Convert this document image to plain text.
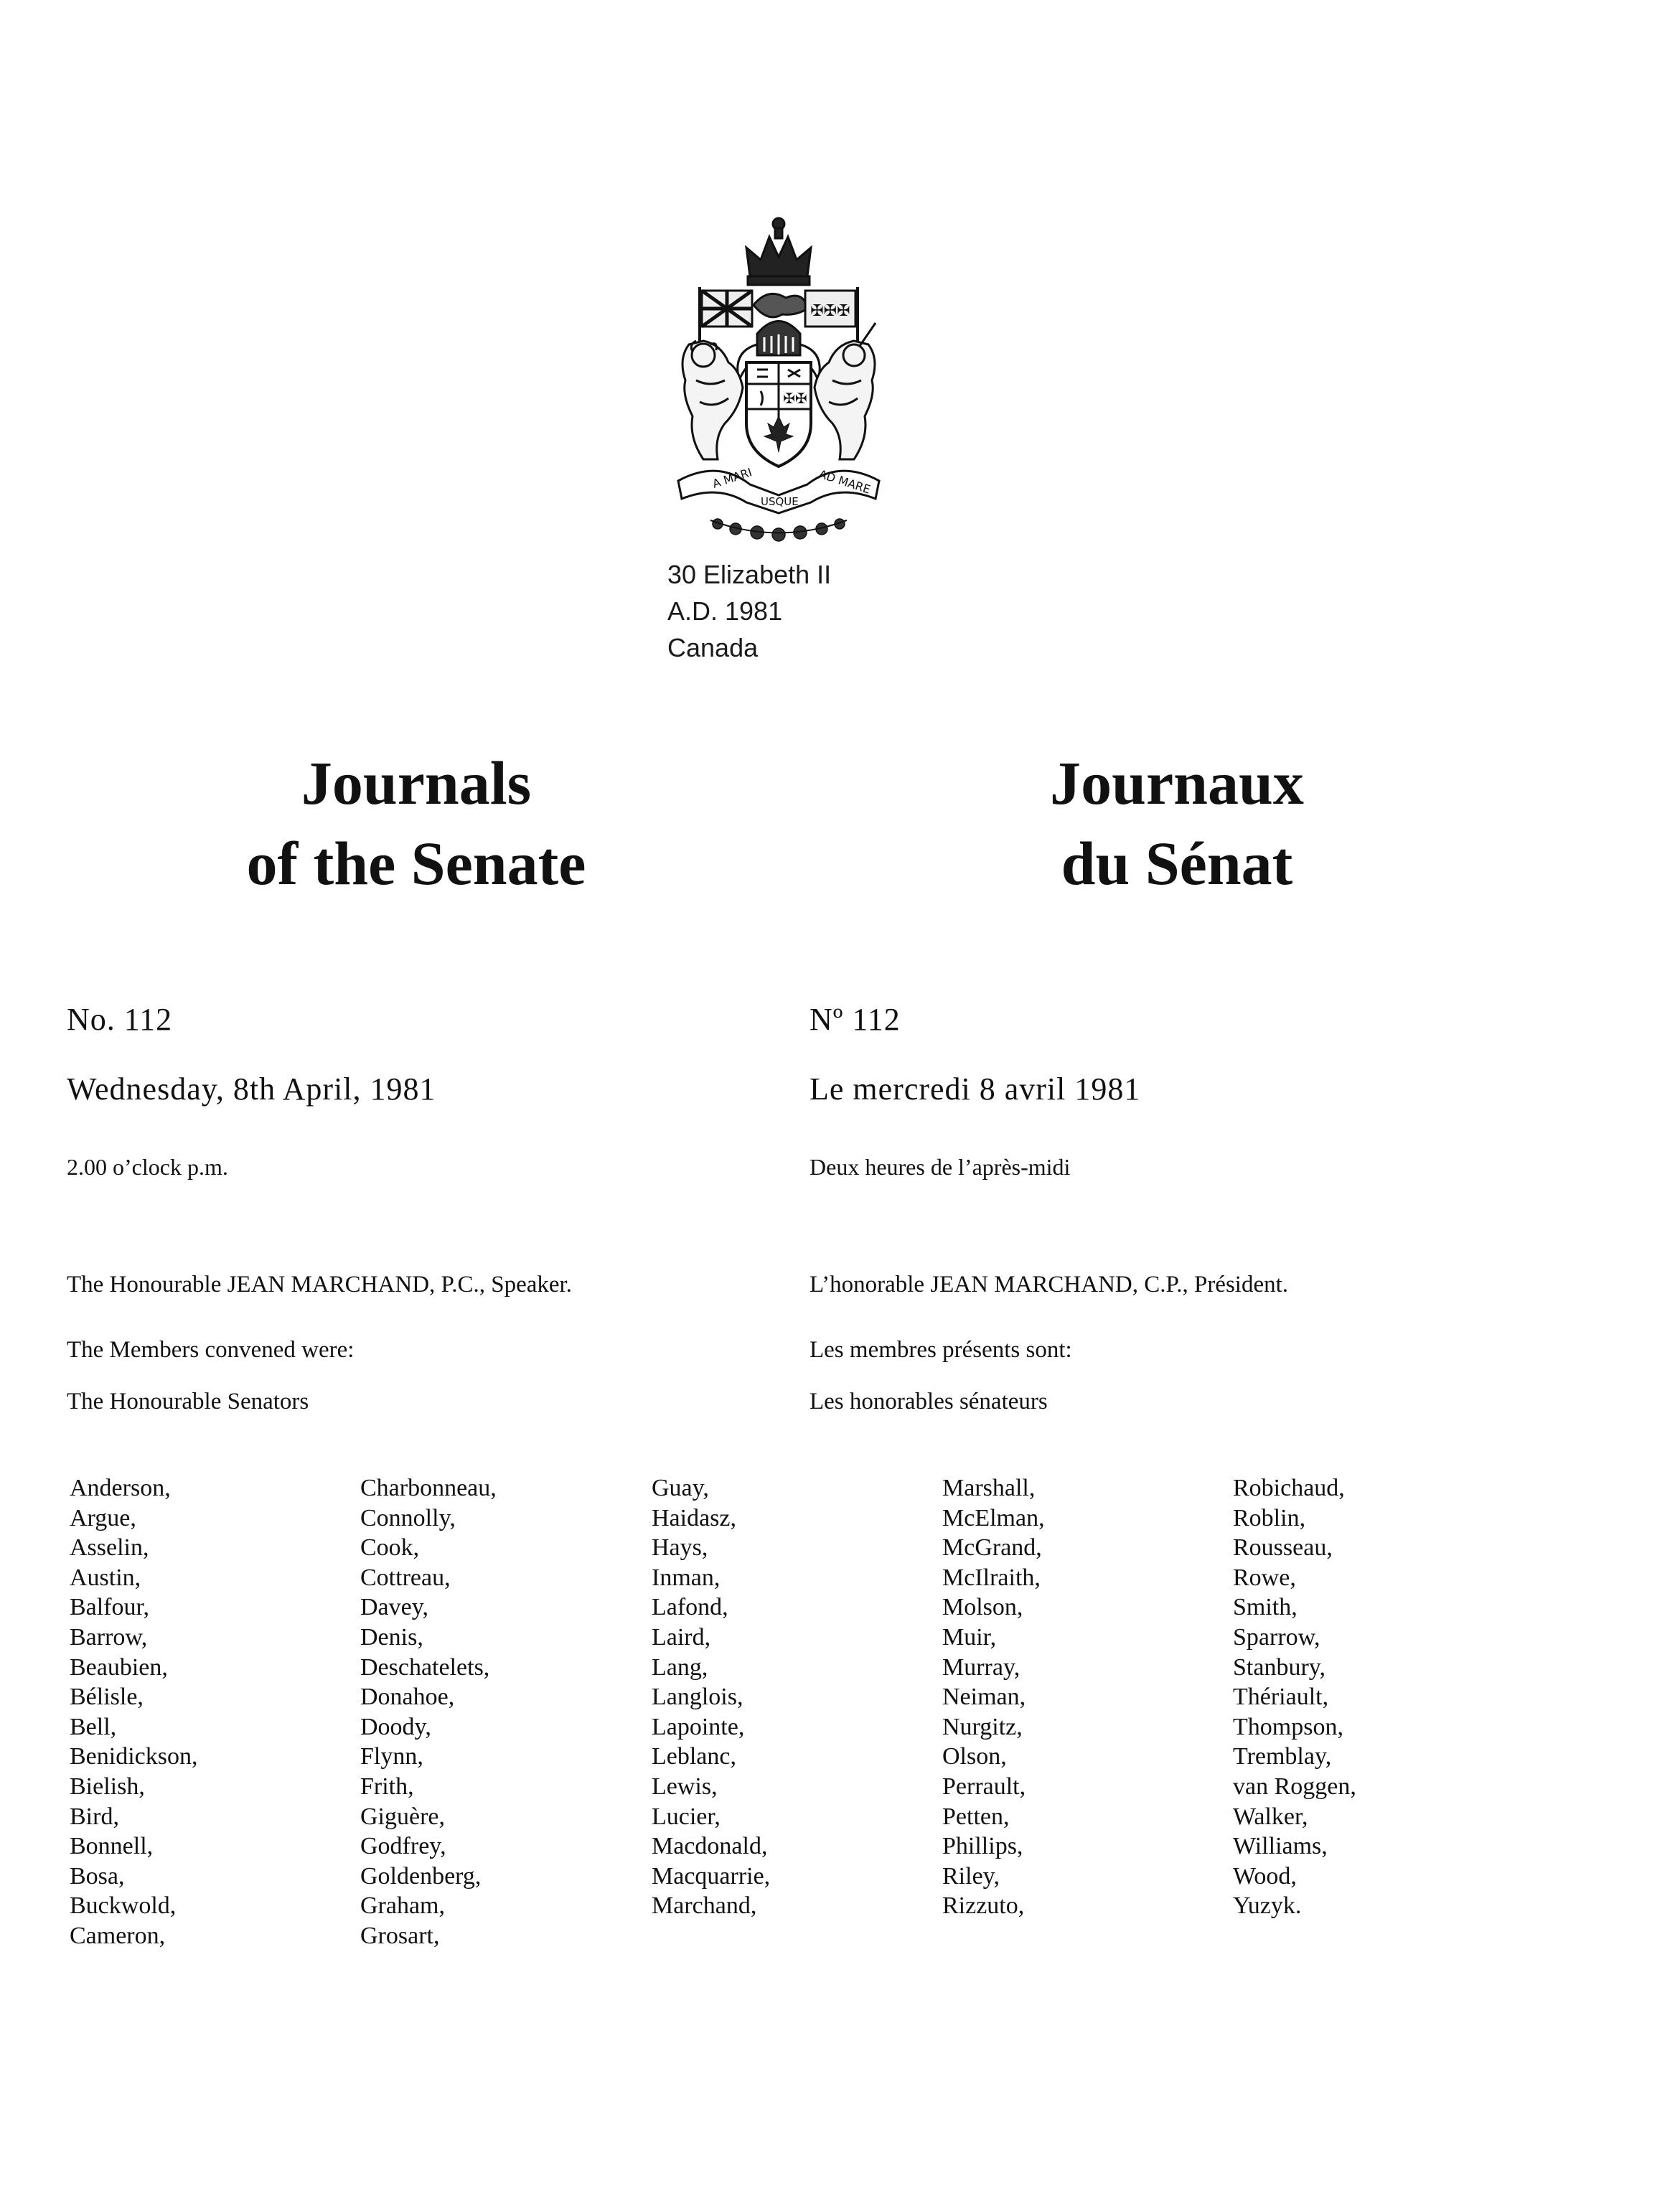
✠✠✠
✠✠
A MARI
USQUE
AD MARE
30 Elizabeth II
A.D. 1981
Canada
Journals
of the Senate
Journaux
du Sénat
No. 112
Wednesday, 8th April, 1981
2.00 o’clock p.m.
The Honourable JEAN MARCHAND, P.C., Speaker.
The Members convened were:
The Honourable Senators
Nº 112
Le mercredi 8 avril 1981
Deux heures de l’après-midi
L’honorable JEAN MARCHAND, C.P., Président.
Les membres présents sont:
Les honorables sénateurs
Anderson,
Argue,
Asselin,
Austin,
Balfour,
Barrow,
Beaubien,
Bélisle,
Bell,
Benidickson,
Bielish,
Bird,
Bonnell,
Bosa,
Buckwold,
Cameron,
Charbonneau,
Connolly,
Cook,
Cottreau,
Davey,
Denis,
Deschatelets,
Donahoe,
Doody,
Flynn,
Frith,
Giguère,
Godfrey,
Goldenberg,
Graham,
Grosart,
Guay,
Haidasz,
Hays,
Inman,
Lafond,
Laird,
Lang,
Langlois,
Lapointe,
Leblanc,
Lewis,
Lucier,
Macdonald,
Macquarrie,
Marchand,
Marshall,
McElman,
McGrand,
McIlraith,
Molson,
Muir,
Murray,
Neiman,
Nurgitz,
Olson,
Perrault,
Petten,
Phillips,
Riley,
Rizzuto,
Robichaud,
Roblin,
Rousseau,
Rowe,
Smith,
Sparrow,
Stanbury,
Thériault,
Thompson,
Tremblay,
van Roggen,
Walker,
Williams,
Wood,
Yuzyk.
